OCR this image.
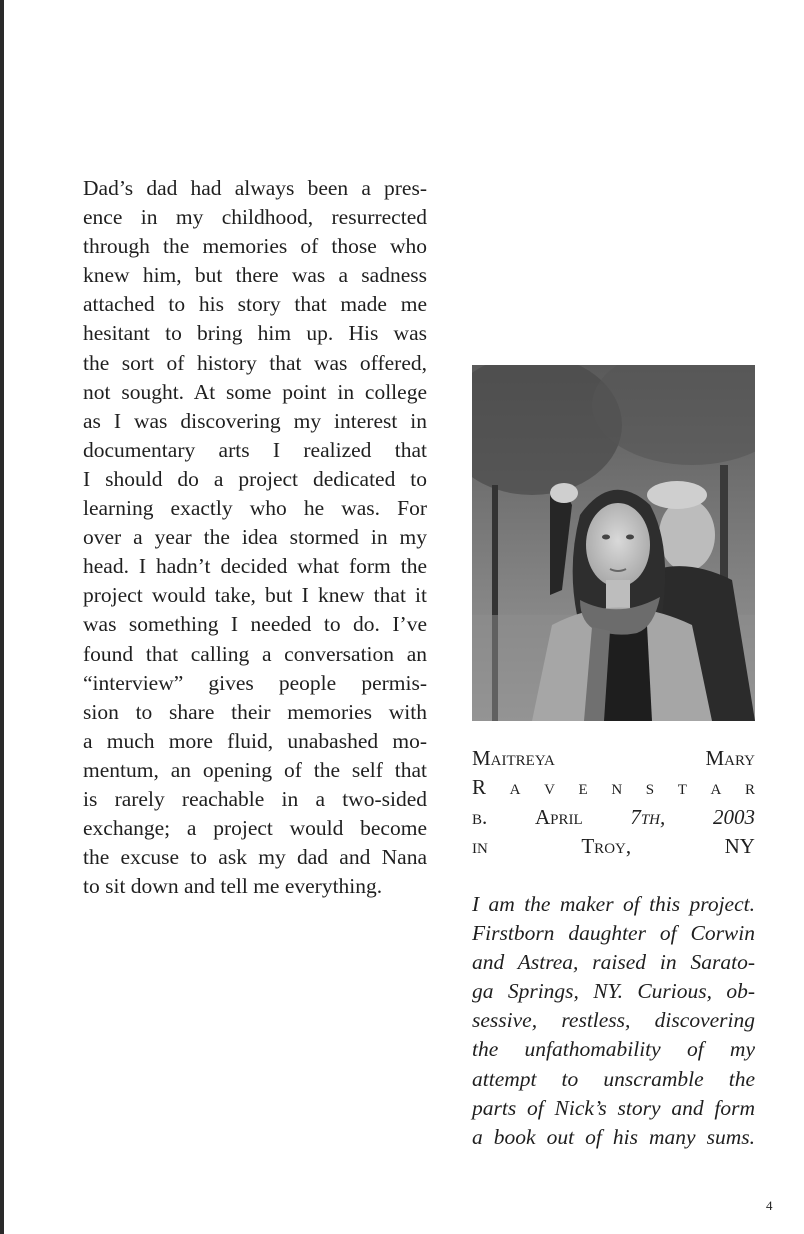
Dad’s dad had always been a pres-
ence in my childhood, resurrected
through the memories of those who
knew him, but there was a sadness
attached to his story that made me
hesitant to bring him up. His was
the sort of history that was offered,
not sought. At some point in college
as I was discovering my interest in
documentary arts I realized that
I should do a project dedicated to
learning exactly who he was. For
over a year the idea stormed in my
head. I hadn’t decided what form the
project would take, but I knew that it
was something I needed to do. I’ve
found that calling a conversation an
“interview” gives people permis-
sion to share their memories with
a much more fluid, unabashed mo-
mentum, an opening of the self that
is rarely reachable in a two-sided
exchange; a project would become
the excuse to ask my dad and Nana
to sit down and tell me everything.
Maitreya	Mary
R a v e n s t a r
b. April 7th, 2003
in	Troy,	NY
I am the maker of this project.
Firstborn daughter of Corwin
and Astrea, raised in Sarato-
ga Springs, NY. Curious, ob-
sessive, restless, discovering
the unfathomability of my
attempt to unscramble the
parts of Nick’s story and form
a book out of his many sums.
4
